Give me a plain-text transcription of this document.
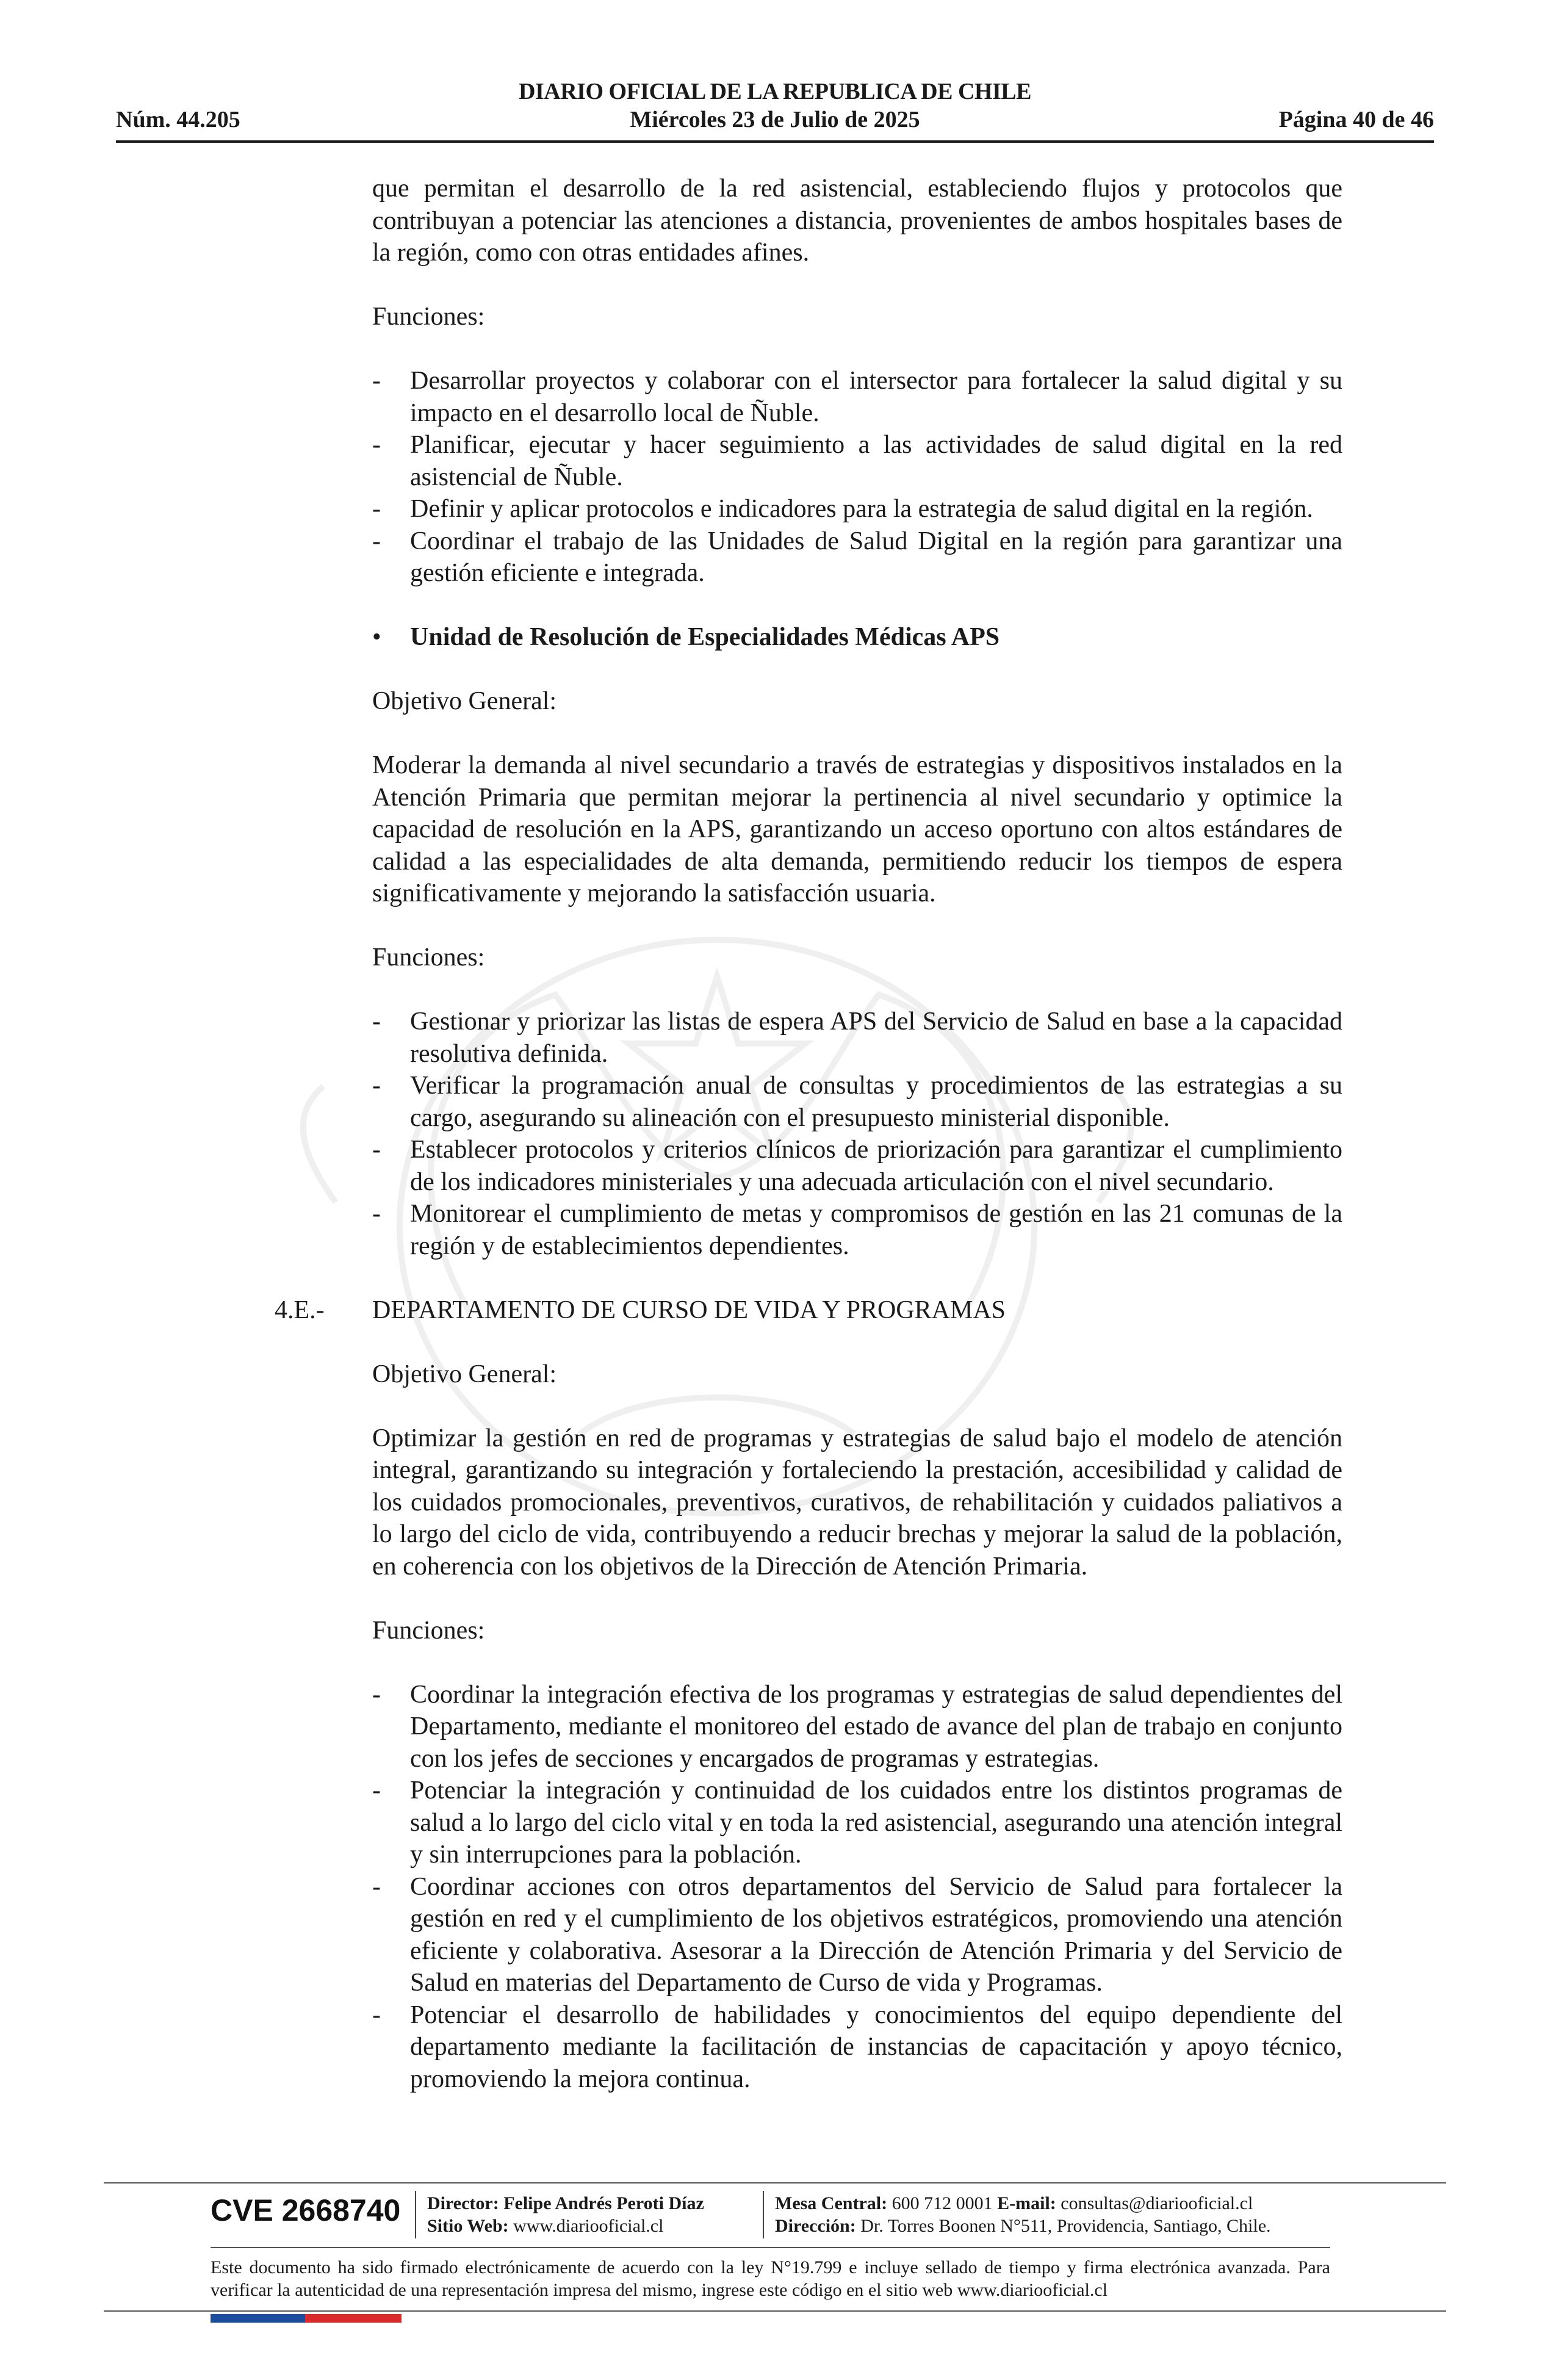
DIARIO OFICIAL DE LA REPUBLICA DE CHILE
Núm. 44.205	Miércoles 23 de Julio de 2025	Página 40 de 46

que permitan el desarrollo de la red asistencial, estableciendo flujos y protocolos que contribuyan a potenciar las atenciones a distancia, provenientes de ambos hospitales bases de la región, como con otras entidades afines.

Funciones:

- Desarrollar proyectos y colaborar con el intersector para fortalecer la salud digital y su impacto en el desarrollo local de Ñuble.
- Planificar, ejecutar y hacer seguimiento a las actividades de salud digital en la red asistencial de Ñuble.
- Definir y aplicar protocolos e indicadores para la estrategia de salud digital en la región.
- Coordinar el trabajo de las Unidades de Salud Digital en la región para garantizar una gestión eficiente e integrada.
• Unidad de Resolución de Especialidades Médicas APS

Objetivo General:

Moderar la demanda al nivel secundario a través de estrategias y dispositivos instalados en la Atención Primaria que permitan mejorar la pertinencia al nivel secundario y optimice la capacidad de resolución en la APS, garantizando un acceso oportuno con altos estándares de calidad a las especialidades de alta demanda, permitiendo reducir los tiempos de espera significativamente y mejorando la satisfacción usuaria.

Funciones:

- Gestionar y priorizar las listas de espera APS del Servicio de Salud en base a la capacidad resolutiva definida.
- Verificar la programación anual de consultas y procedimientos de las estrategias a su cargo, asegurando su alineación con el presupuesto ministerial disponible.
- Establecer protocolos y criterios clínicos de priorización para garantizar el cumplimiento de los indicadores ministeriales y una adecuada articulación con el nivel secundario.
- Monitorear el cumplimiento de metas y compromisos de gestión en las 21 comunas de la región y de establecimientos dependientes.
4.E.- DEPARTAMENTO DE CURSO DE VIDA Y PROGRAMAS

Objetivo General:

Optimizar la gestión en red de programas y estrategias de salud bajo el modelo de atención integral, garantizando su integración y fortaleciendo la prestación, accesibilidad y calidad de los cuidados promocionales, preventivos, curativos, de rehabilitación y cuidados paliativos a lo largo del ciclo de vida, contribuyendo a reducir brechas y mejorar la salud de la población, en coherencia con los objetivos de la Dirección de Atención Primaria.

Funciones:

- Coordinar la integración efectiva de los programas y estrategias de salud dependientes del Departamento, mediante el monitoreo del estado de avance del plan de trabajo en conjunto con los jefes de secciones y encargados de programas y estrategias.
- Potenciar la integración y continuidad de los cuidados entre los distintos programas de salud a lo largo del ciclo vital y en toda la red asistencial, asegurando una atención integral y sin interrupciones para la población.
- Coordinar acciones con otros departamentos del Servicio de Salud para fortalecer la gestión en red y el cumplimiento de los objetivos estratégicos, promoviendo una atención eficiente y colaborativa. Asesorar a la Dirección de Atención Primaria y del Servicio de Salud en materias del Departamento de Curso de vida y Programas.
- Potenciar el desarrollo de habilidades y conocimientos del equipo dependiente del departamento mediante la facilitación de instancias de capacitación y apoyo técnico, promoviendo la mejora continua.
CVE 2668740 Director: Felipe Andrés Peroti Díaz
Sitio Web: www.diariooficial.cl
Mesa Central: 600 712 0001 E-mail: consultas@diariooficial.cl
Dirección: Dr. Torres Boonen N°511, Providencia, Santiago, Chile.
Este documento ha sido firmado electrónicamente de acuerdo con la ley N°19.799 e incluye sellado de tiempo y firma electrónica avanzada. Para verificar la autenticidad de una representación impresa del mismo, ingrese este código en el sitio web www.diariooficial.cl
